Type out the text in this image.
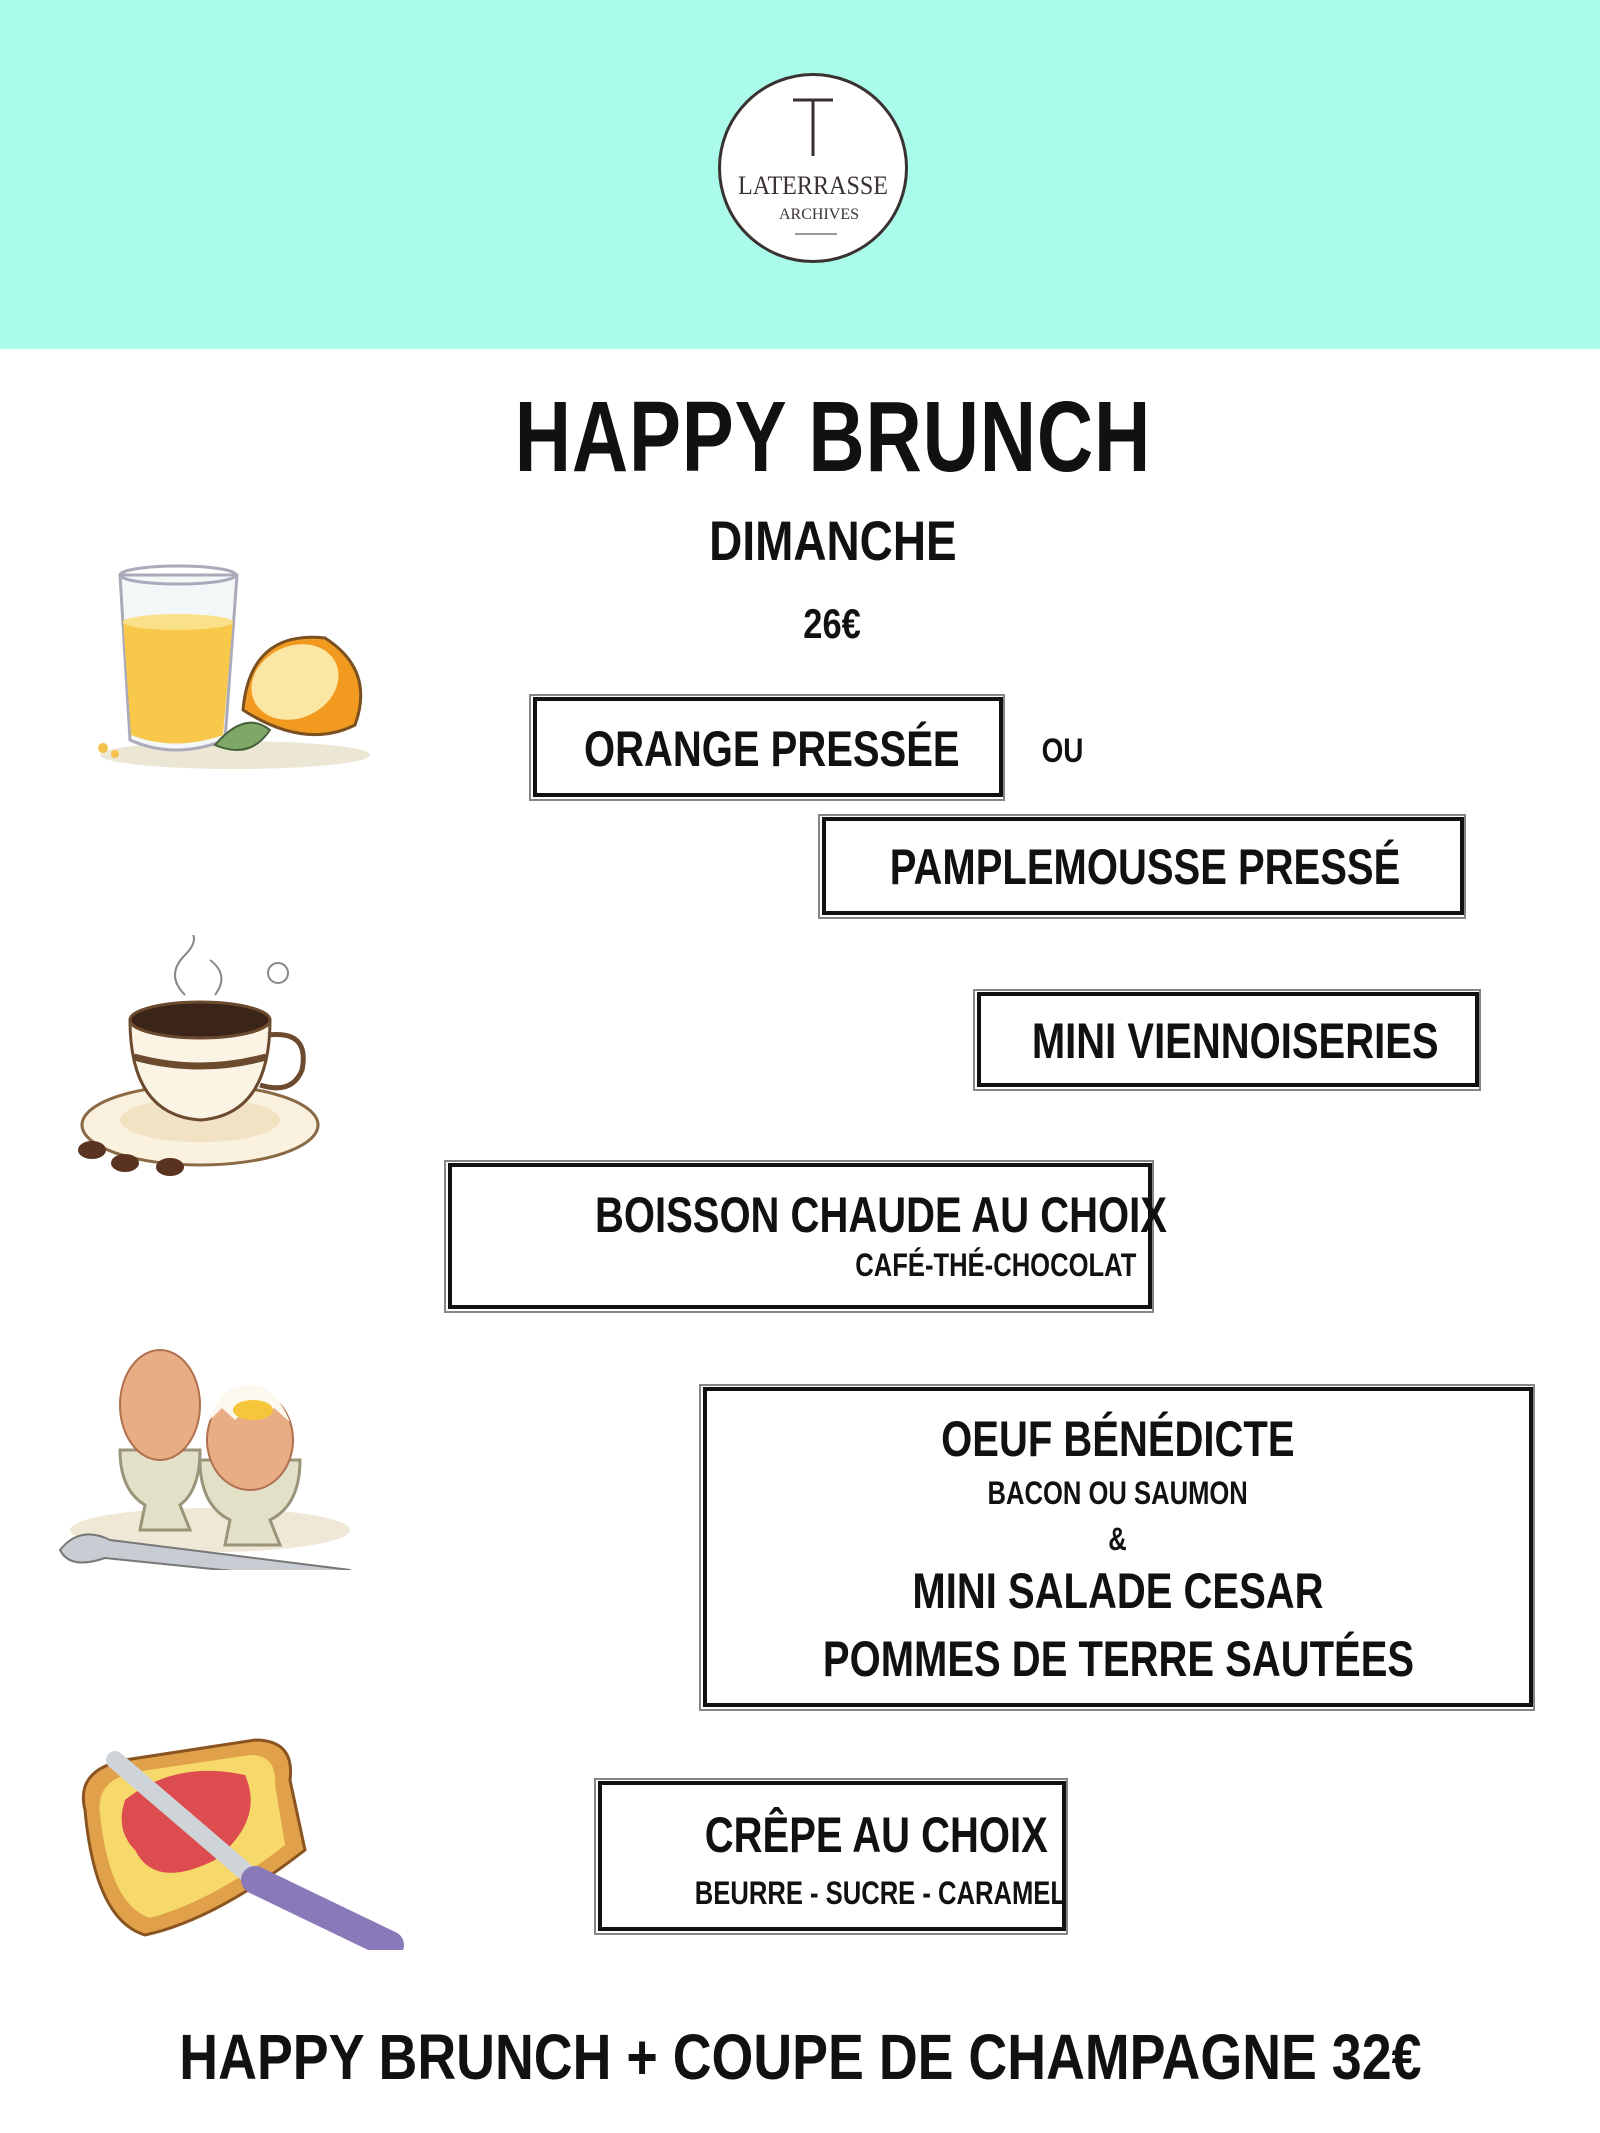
LATERRASSE
ARCHIVES
HAPPY BRUNCH
DIMANCHE
26€
ORANGE PRESSÉE	OU
PAMPLEMOUSSE PRESSÉ
MINI VIENNOISERIES
BOISSON CHAUDE AU CHOIX
CAFÉ-THÉ-CHOCOLAT
OEUF BÉNÉDICTE
BACON OU SAUMON
&
MINI SALADE CESAR
POMMES DE TERRE SAUTÉES
CRÊPE AU CHOIX
BEURRE - SUCRE - CARAMEL
HAPPY BRUNCH + COUPE DE CHAMPAGNE 32€
